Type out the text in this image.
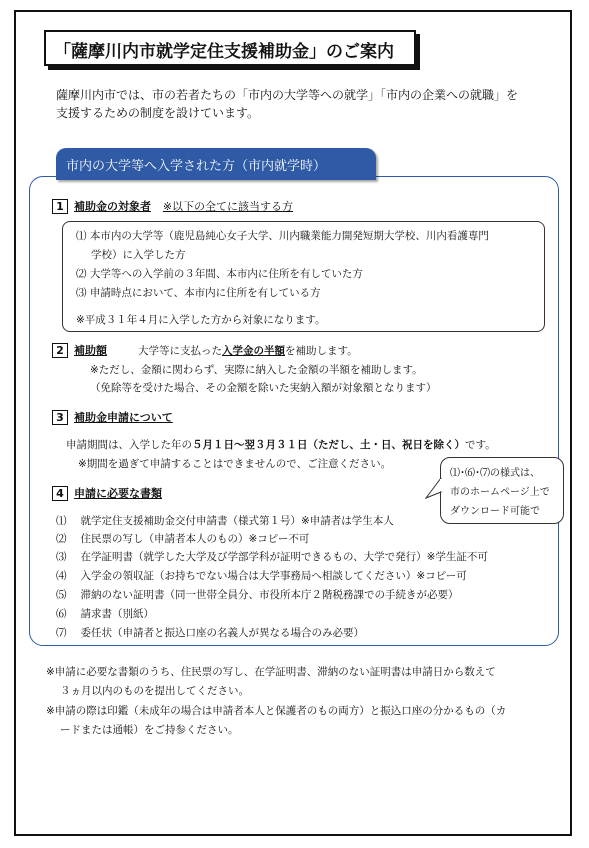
「薩摩川内市就学定住支援補助金」のご案内
薩摩川内市では、市の若者たちの「市内の大学等への就学」「市内の企業への就職」を
支援するための制度を設けています。
市内の大学等へ入学された方（市内就学時）
1 補助金の対象者 ※以下の全てに該当する方
⑴ 本市内の大学等（鹿児島純心女子大学、川内職業能力開発短期大学校、川内看護専門
学校）に入学した方
⑵ 大学等への入学前の３年間、本市内に住所を有していた方
⑶ 申請時点において、本市内に住所を有している方
※平成３１年４月に入学した方から対象になります。
2 補助額	大学等に支払った入学金の半額を補助します。
※ただし、金額に関わらず、実際に納入した金額の半額を補助します。
（免除等を受けた場合、その金額を除いた実納入額が対象額となります）
3 補助金申請について
申請期間は、入学した年の５月１日～翌３月３１日（ただし、土・日、祝日を除く）です。
※期間を過ぎて申請することはできませんので、ご注意ください。
4 申請に必要な書類
⑴ 就学定住支援補助金交付申請書（様式第１号）※申請者は学生本人
⑵ 住民票の写し（申請者本人のもの）※コピー不可
⑶ 在学証明書（就学した大学及び学部学科が証明できるもの、大学で発行）※学生証不可
⑷ 入学金の領収証（お持ちでない場合は大学事務局へ相談してください）※コピー可
⑸ 滞納のない証明書（同一世帯全員分、市役所本庁２階税務課での手続きが必要）
⑹ 請求書（別紙）
⑺ 委任状（申請者と振込口座の名義人が異なる場合のみ必要）
⑴･⑹･⑺の様式は、
市のホームページ上で
ダウンロード可能で
※申請に必要な書類のうち、住民票の写し、在学証明書、滞納のない証明書は申請日から数えて
３ヵ月以内のものを提出してください。
※申請の際は印鑑（未成年の場合は申請者本人と保護者のもの両方）と振込口座の分かるもの（カ
ードまたは通帳）をご持参ください。
